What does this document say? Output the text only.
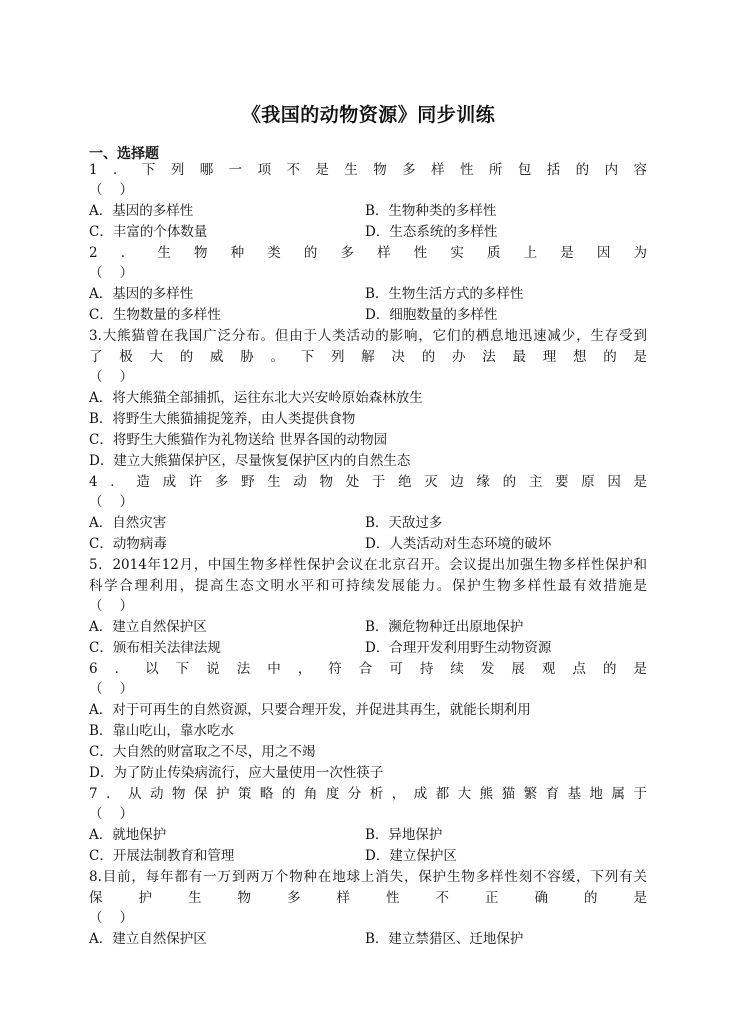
《我国的动物资源》同步训练
一、选择题
1．下列哪一项不是生物多样性所包括的内容
（    ）
A．基因的多样性	B．生物种类的多样性
C．丰富的个体数量	D．生态系统的多样性
2．生物种类的多样性实质上是因为
（    ）
A．基因的多样性	B．生物生活方式的多样性
C．生物数量的多样性	D．细胞数量的多样性
3.大熊猫曾在我国广泛分布。但由于人类活动的影响，它们的栖息地迅速减少，生存受到
了极大的威胁。下列解决的办法最理想的是
（    ）
A．将大熊猫全部捕抓，运往东北大兴安岭原始森林放生
B．将野生大熊猫捕捉笼养，由人类提供食物
C．将野生大熊猫作为礼物送给 世界各国的动物园
D．建立大熊猫保护区，尽量恢复保护区内的自然生态
4．造成许多野生动物处于绝灭边缘的主要原因是
（    ）
A．自然灾害	B．天敌过多
C．动物病毒	D．人类活动对生态环境的破坏
5．2014年12月，中国生物多样性保护会议在北京召开。会议提出加强生物多样性保护和
科学合理利用，提高生态文明水平和可持续发展能力。保护生物多样性最有效措施是
（    ）
A．建立自然保护区	B．濒危物种迁出原地保护
C．颁布相关法律法规	D．合理开发利用野生动物资源
6．以下说法中，符合可持续发展观点的是
（    ）
A．对于可再生的自然资源，只要合理开发，并促进其再生，就能长期利用
B．靠山吃山，靠水吃水
C．大自然的财富取之不尽，用之不竭
D．为了防止传染病流行，应大量使用一次性筷子
7．从动物保护策略的角度分析，成都大熊猫繁育基地属于
（    ）
A．就地保护	B．异地保护
C．开展法制教育和管理	D．建立保护区
8.目前，每年都有一万到两万个物种在地球上消失，保护生物多样性刻不容缓，下列有关
保护生物多样性不正确的是
（    ）
A．建立自然保护区	B．建立禁猎区、迁地保护
